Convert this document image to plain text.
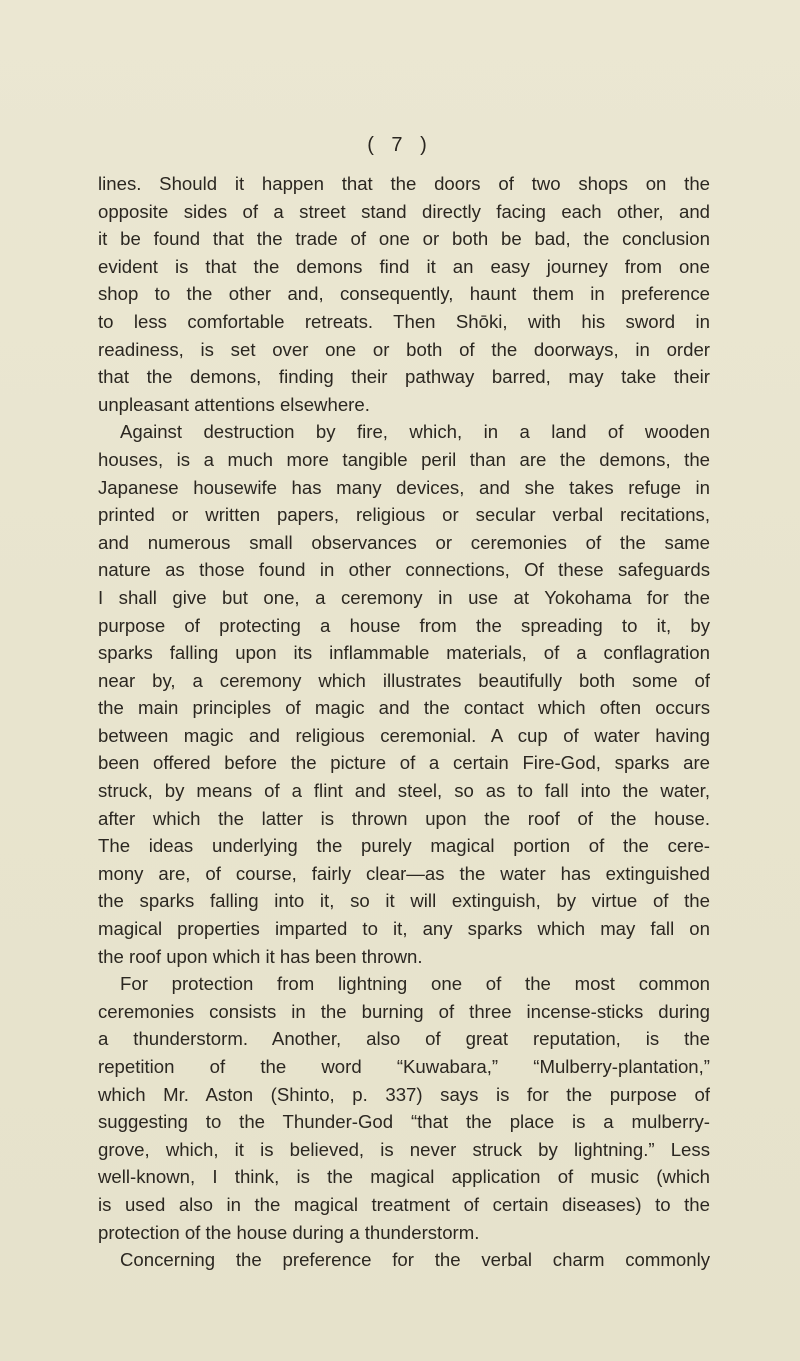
( 7 )
lines. Should it happen that the doors of two shops on the
opposite sides of a street stand directly facing each other, and
it be found that the trade of one or both be bad, the conclusion
evident is that the demons find it an easy journey from one
shop to the other and, consequently, haunt them in preference
to less comfortable retreats. Then Shōki, with his sword in
readiness, is set over one or both of the doorways, in order
that the demons, finding their pathway barred, may take their
unpleasant attentions elsewhere.
Against destruction by fire, which, in a land of wooden
houses, is a much more tangible peril than are the demons, the
Japanese housewife has many devices, and she takes refuge in
printed or written papers, religious or secular verbal recitations,
and numerous small observances or ceremonies of the same
nature as those found in other connections, Of these safeguards
I shall give but one, a ceremony in use at Yokohama for the
purpose of protecting a house from the spreading to it, by
sparks falling upon its inflammable materials, of a conflagration
near by, a ceremony which illustrates beautifully both some of
the main principles of magic and the contact which often occurs
between magic and religious ceremonial. A cup of water having
been offered before the picture of a certain Fire-God, sparks are
struck, by means of a flint and steel, so as to fall into the water,
after which the latter is thrown upon the roof of the house.
The ideas underlying the purely magical portion of the cere-
mony are, of course, fairly clear—as the water has extinguished
the sparks falling into it, so it will extinguish, by virtue of the
magical properties imparted to it, any sparks which may fall on
the roof upon which it has been thrown.
For protection from lightning one of the most common
ceremonies consists in the burning of three incense-sticks during
a thunderstorm. Another, also of great reputation, is the
repetition of the word “Kuwabara,” “Mulberry-plantation,”
which Mr. Aston (Shinto, p. 337) says is for the purpose of
suggesting to the Thunder-God “that the place is a mulberry-
grove, which, it is believed, is never struck by lightning.” Less
well-known, I think, is the magical application of music (which
is used also in the magical treatment of certain diseases) to the
protection of the house during a thunderstorm.
Concerning the preference for the verbal charm commonly
